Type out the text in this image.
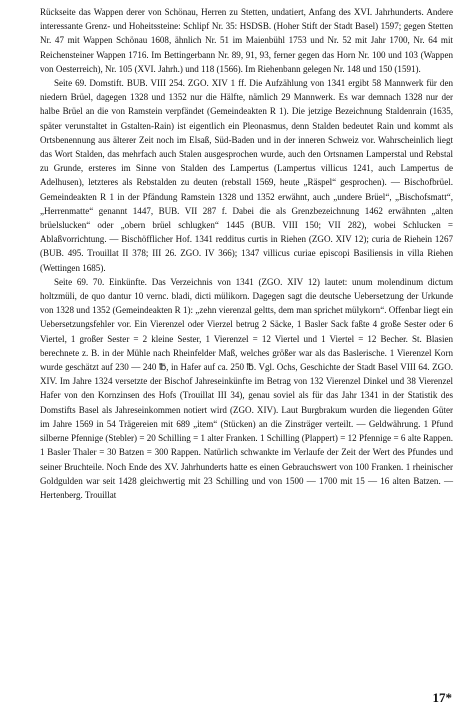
Rückseite das Wappen derer von Schönau, Herren zu Stetten, undatiert, Anfang des XVI. Jahrhunderts. Andere interessante Grenz- und Hoheitssteine: Schlipf Nr. 35: HSDSB. (Hoher Stift der Stadt Basel) 1597; gegen Stetten Nr. 47 mit Wappen Schönau 1608, ähnlich Nr. 51 im Maienbühl 1753 und Nr. 52 mit Jahr 1700, Nr. 64 mit Reichensteiner Wappen 1716. Im Bettingerbann Nr. 89, 91, 93, ferner gegen das Horn Nr. 100 und 103 (Wappen von Oesterreich), Nr. 105 (XVI. Jahrh.) und 118 (1566). Im Riehenbann gelegen Nr. 148 und 150 (1591).

Seite 69. Domstift. BUB. VIII 254. ZGO. XIV 1 ff. Die Aufzählung von 1341 ergibt 58 Mannwerk für den niedern Brüel, dagegen 1328 und 1352 nur die Hälfte, nämlich 29 Mannwerk. Es war demnach 1328 nur der halbe Brüel an die von Ramstein verpfändet (Gemeindeakten R 1). Die jetzige Bezeichnung Staldenrain (1635, später verunstaltet in Gstalten-Rain) ist eigentlich ein Pleonasmus, denn Stalden bedeutet Rain und kommt als Ortsbenennung aus älterer Zeit noch im Elsaß, Süd-Baden und in der inneren Schweiz vor. Wahrscheinlich liegt das Wort Stalden, das mehrfach auch Stalen ausgesprochen wurde, auch den Ortsnamen Lamperstal und Rebstal zu Grunde, ersteres im Sinne von Stalden des Lampertus (Lampertus villicus 1241, auch Lampertus de Adelhusen), letzteres als Rebstalden zu deuten (rebstall 1569, heute „Räspel“ gesprochen). — Bischofbrüel. Gemeindeakten R 1 in der Pfändung Ramstein 1328 und 1352 erwähnt, auch „undere Brüel“, „Bischofsmatt“, „Herrenmatte“ genannt 1447, BUB. VII 287 f. Dabei die als Grenzbezeichnung 1462 erwähnten „alten brüelslucken“ oder „obern brüel schlugken“ 1445 (BUB. VIII 150; VII 282), wobei Schlucken = Ablaßvorrichtung. — Bischöfflicher Hof. 1341 redditus curtis in Riehen (ZGO. XIV 12); curia de Riehein 1267 (BUB. 495. Trouillat II 378; III 26. ZGO. IV 366); 1347 villicus curiae episcopi Basiliensis in villa Riehen (Wettingen 1685).

Seite 69. 70. Einkünfte. Das Verzeichnis von 1341 (ZGO. XIV 12) lautet: unum molendinum dictum holtzmüli, de quo dantur 10 vernc. bladi, dicti mülikorn. Dagegen sagt die deutsche Uebersetzung der Urkunde von 1328 und 1352 (Gemeindeakten R 1): „zehn vierenzal geltts, dem man sprichet mülykorn“. Offenbar liegt ein Uebersetzungsfehler vor. Ein Vierenzel oder Vierzel betrug 2 Säcke, 1 Basler Sack faßte 4 große Sester oder 6 Viertel, 1 großer Sester = 2 kleine Sester, 1 Vierenzel = 12 Viertel und 1 Viertel = 12 Becher. St. Blasien berechnete z. B. in der Mühle nach Rheinfelder Maß, welches größer war als das Baslerische. 1 Vierenzel Korn wurde geschätzt auf 230 — 240 ℔, in Hafer auf ca. 250 ℔. Vgl. Ochs, Geschichte der Stadt Basel VIII 64. ZGO. XIV. Im Jahre 1324 versetzte der Bischof Jahreseinkünfte im Betrag von 132 Vierenzel Dinkel und 38 Vierenzel Hafer von den Kornzinsen des Hofs (Trouillat III 34), genau soviel als für das Jahr 1341 in der Statistik des Domstifts Basel als Jahreseinkommen notiert wird (ZGO. XIV). Laut Burgbrakum wurden die liegenden Güter im Jahre 1569 in 54 Trägereien mit 689 „item“ (Stücken) an die Zinsträger verteilt. — Geldwährung. 1 Pfund silberne Pfennige (Stebler) = 20 Schilling = 1 alter Franken. 1 Schilling (Plappert) = 12 Pfennige = 6 alte Rappen. 1 Basler Thaler = 30 Batzen = 300 Rappen. Natürlich schwankte im Verlaufe der Zeit der Wert des Pfundes und seiner Bruchteile. Noch Ende des XV. Jahrhunderts hatte es einen Gebrauchswert von 100 Franken. 1 rheinischer Goldgulden war seit 1428 gleichwertig mit 23 Schilling und von 1500 — 1700 mit 15 — 16 alten Batzen. — Hertenberg. Trouillat

17*
